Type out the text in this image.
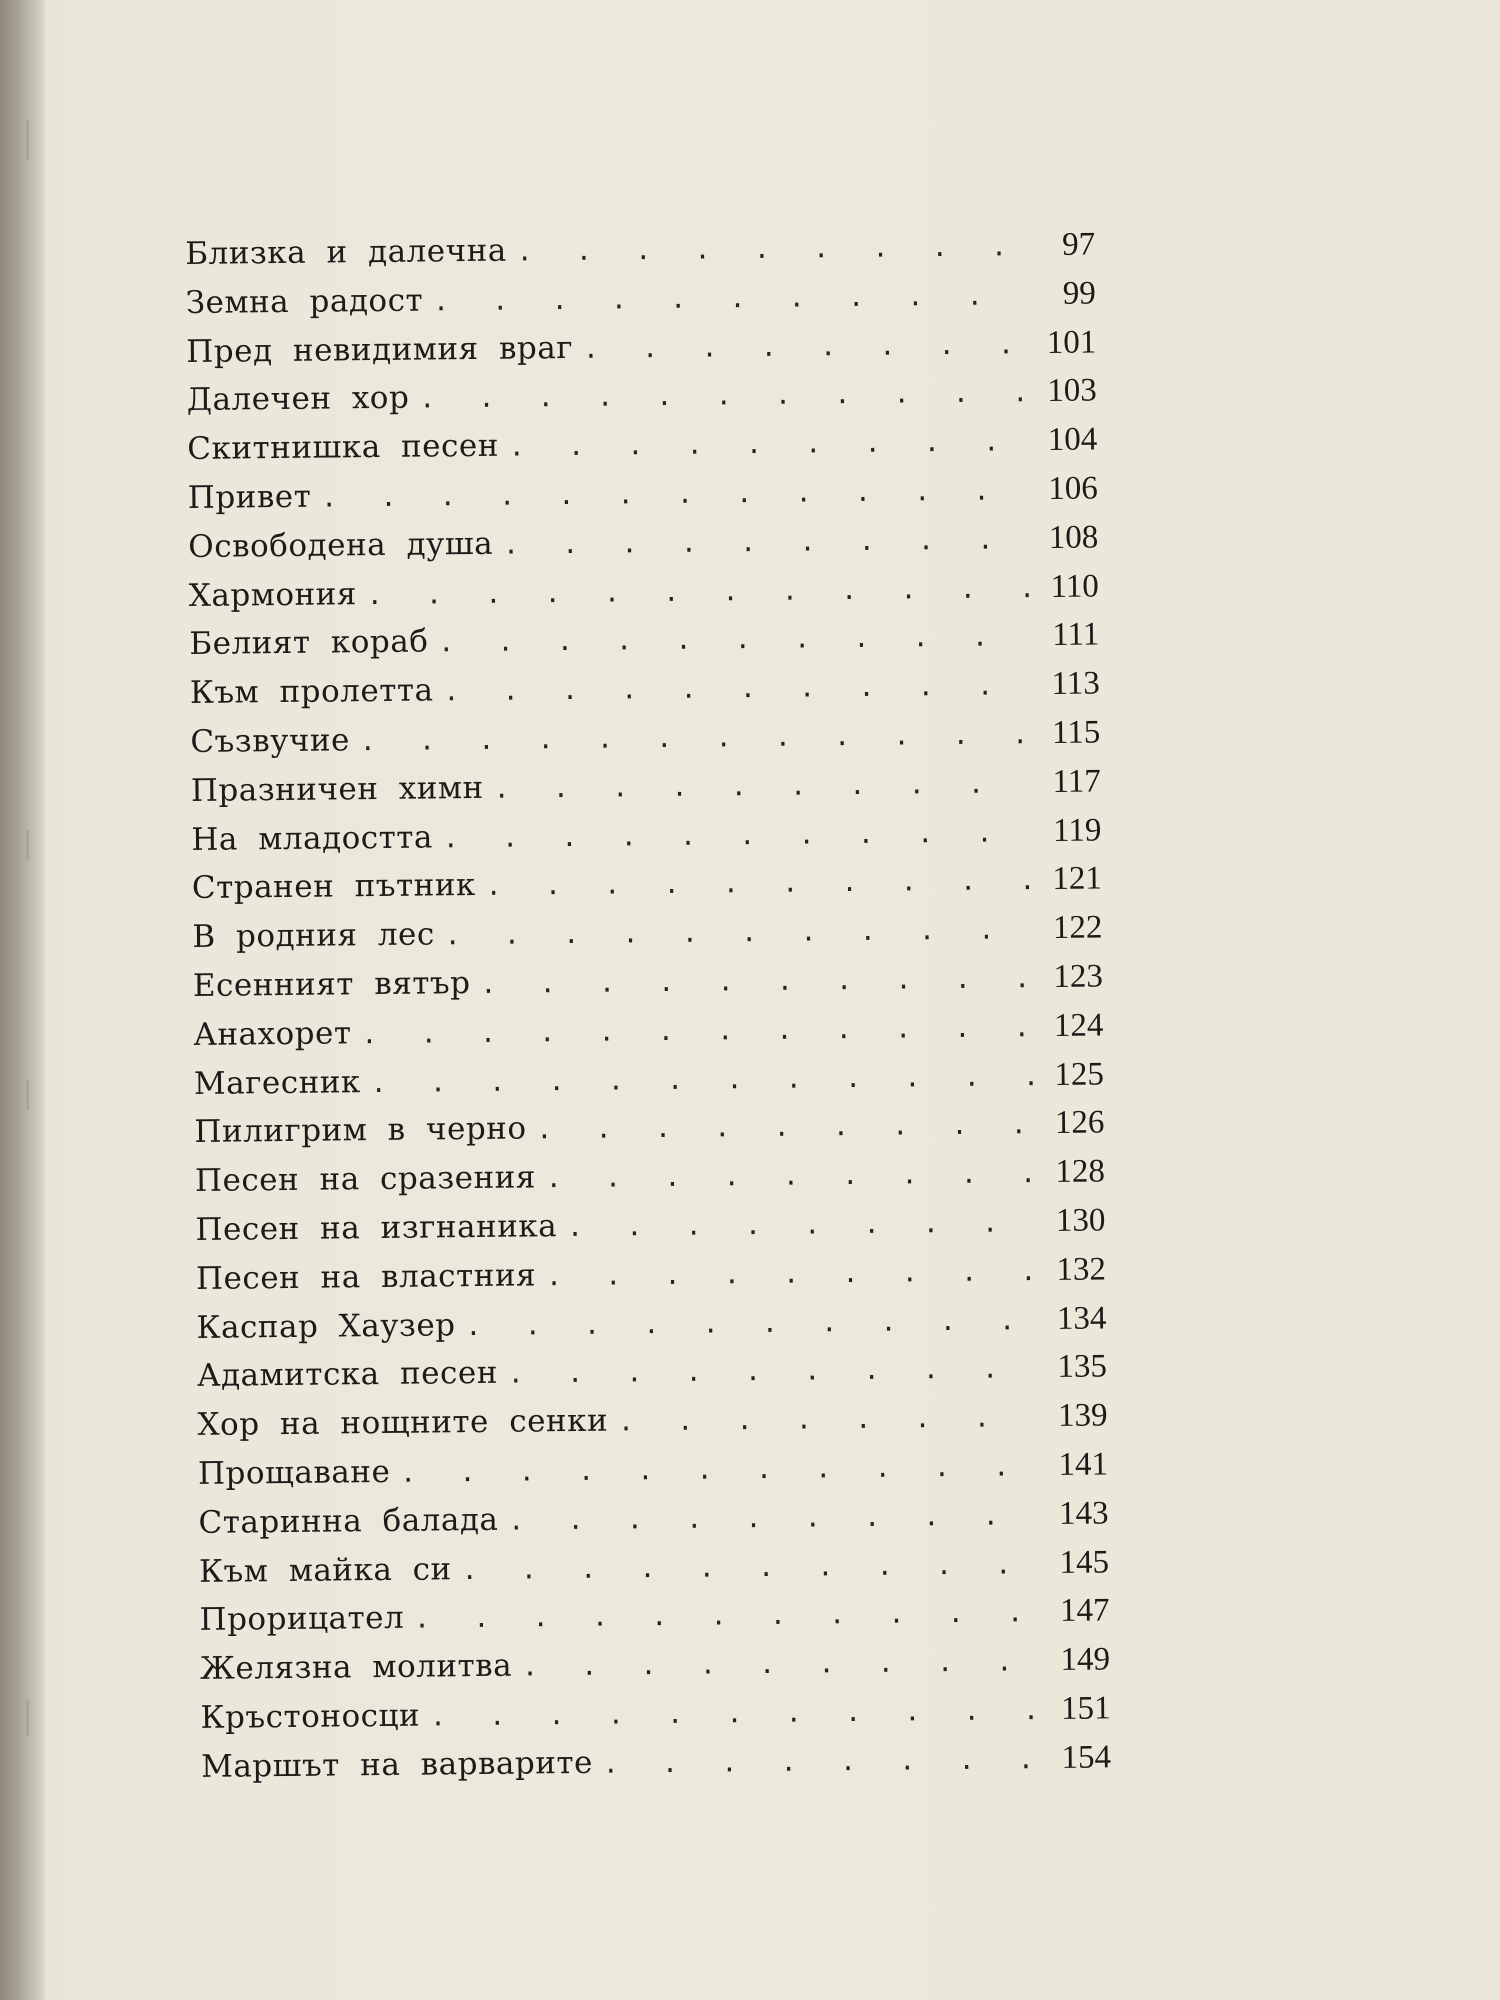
Близка и далечна . . .	97
Земна радост . . .	99
Пред невидимия враг . . .	101
Далечен хор . . .	103
Скитнишка песен . . .	104
Привет . . .	106
Освободена душа . . .	108
Хармония . . .	110
Белият кораб . . .	111
Към пролетта . . .	113
Съзвучие . . .	115
Празничен химн . . .	117
На младостта . . .	119
Странен пътник . . .	121
В родния лес . . .	122
Есенният вятър . . .	123
Анахорет . . .	124
Магесник . . .	125
Пилигрим в черно . . .	126
Песен на сразения . . .	128
Песен на изгнаника . . .	130
Песен на властния . . .	132
Каспар Хаузер . . .	134
Адамитска песен . . .	135
Хор на нощните сенки . . .	139
Прощаване . . .	141
Старинна балада . . .	143
Към майка си . . .	145
Прорицател . . .	147
Желязна молитва . . .	149
Кръстоносци . . .	151
Маршът на варварите . . .	154
